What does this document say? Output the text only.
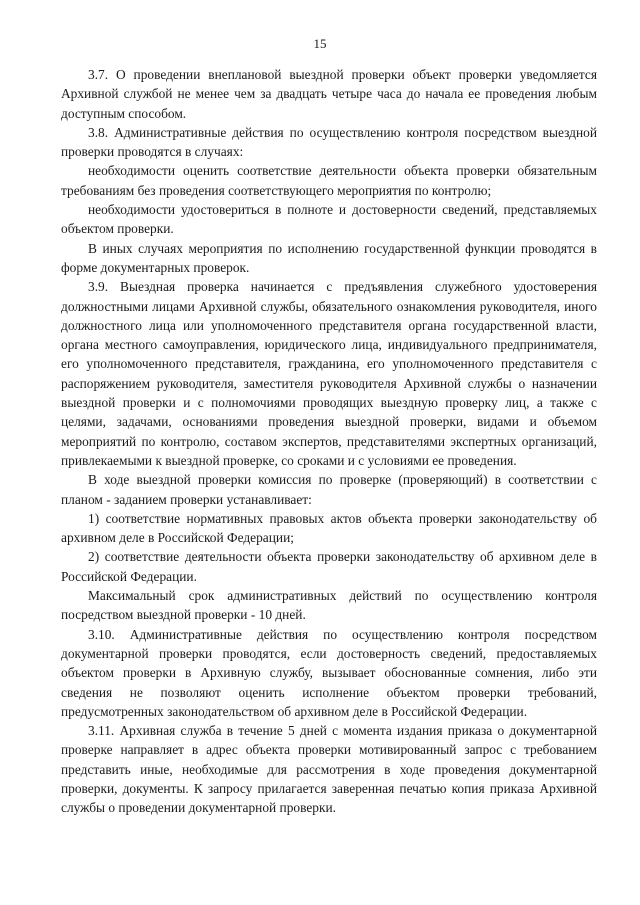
15

3.7. О проведении внеплановой выездной проверки объект проверки уведомляется Архивной службой не менее чем за двадцать четыре часа до начала ее проведения любым доступным способом.

3.8. Административные действия по осуществлению контроля посредством выездной проверки проводятся в случаях:

необходимости оценить соответствие деятельности объекта проверки обязательным требованиям без проведения соответствующего мероприятия по контролю;

необходимости удостовериться в полноте и достоверности сведений, представляемых объектом проверки.

В иных случаях мероприятия по исполнению государственной функции проводятся в форме документарных проверок.

3.9. Выездная проверка начинается с предъявления служебного удостоверения должностными лицами Архивной службы, обязательного ознакомления руководителя, иного должностного лица или уполномоченного представителя органа государственной власти, органа местного самоуправления, юридического лица, индивидуального предпринимателя, его уполномоченного представителя, гражданина, его уполномоченного представителя с распоряжением руководителя, заместителя руководителя Архивной службы о назначении выездной проверки и с полномочиями проводящих выездную проверку лиц, а также с целями, задачами, основаниями проведения выездной проверки, видами и объемом мероприятий по контролю, составом экспертов, представителями экспертных организаций, привлекаемыми к выездной проверке, со сроками и с условиями ее проведения.

В ходе выездной проверки комиссия по проверке (проверяющий) в соответствии с планом - заданием проверки устанавливает:

1) соответствие нормативных правовых актов объекта проверки законодательству об архивном деле в Российской Федерации;

2) соответствие деятельности объекта проверки законодательству об архивном деле в Российской Федерации.

Максимальный срок административных действий по осуществлению контроля посредством выездной проверки - 10 дней.

3.10. Административные действия по осуществлению контроля посредством документарной проверки проводятся, если достоверность сведений, предоставляемых объектом проверки в Архивную службу, вызывает обоснованные сомнения, либо эти сведения не позволяют оценить исполнение объектом проверки требований, предусмотренных законодательством об архивном деле в Российской Федерации.

3.11. Архивная служба в течение 5 дней с момента издания приказа о документарной проверке направляет в адрес объекта проверки мотивированный запрос с требованием представить иные, необходимые для рассмотрения в ходе проведения документарной проверки, документы. К запросу прилагается заверенная печатью копия приказа Архивной службы о проведении документарной проверки.
